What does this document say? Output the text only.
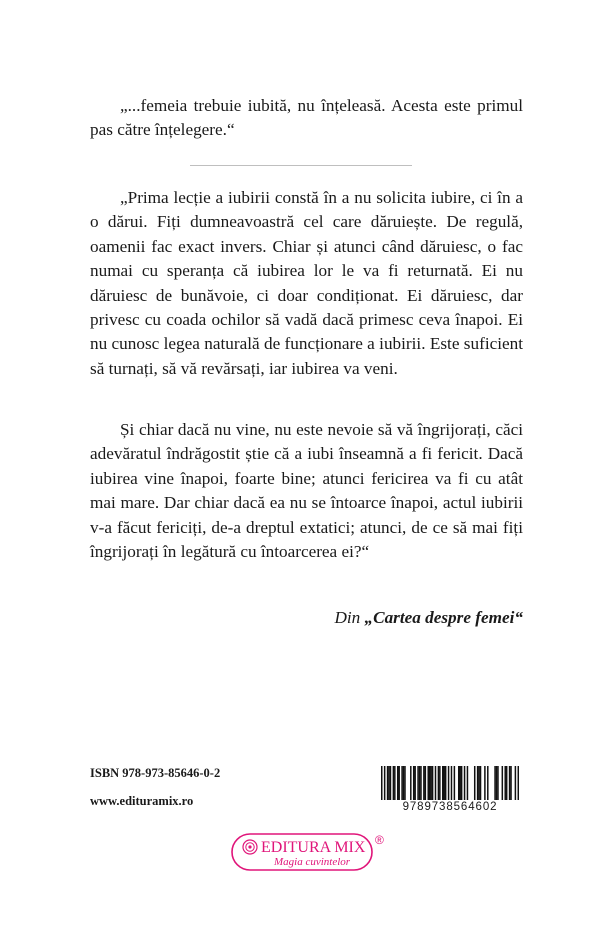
„...femeia trebuie iubită, nu înțeleasă. Acesta este primul pas către înțelegere.“

„Prima lecție a iubirii constă în a nu solicita iubire, ci în a o dărui. Fiți dumneavoastră cel care dăruiește. De regulă, oamenii fac exact invers. Chiar și atunci când dăruiesc, o fac numai cu speranța că iubirea lor le va fi returnată. Ei nu dăruiesc de bunăvoie, ci doar condiționat. Ei dăruiesc, dar privesc cu coada ochilor să vadă dacă primesc ceva înapoi. Ei nu cunosc legea naturală de funcționare a iubirii. Este suficient să turnați, să vă revărsați, iar iubirea va veni.

Și chiar dacă nu vine, nu este nevoie să vă îngrijorați, căci adevăratul îndrăgostit știe că a iubi înseamnă a fi fericit. Dacă iubirea vine înapoi, foarte bine; atunci fericirea va fi cu atât mai mare. Dar chiar dacă ea nu se întoarce înapoi, actul iubirii v-a făcut fericiți, de-a dreptul extatici; atunci, de ce să mai fiți îngrijorați în legătură cu întoarcerea ei?“

Din „Cartea despre femei“
ISBN 978-973-85646-0-2
www.edituramix.ro	9789738564602
EDITURA MIX
Magia cuvintelor
®
